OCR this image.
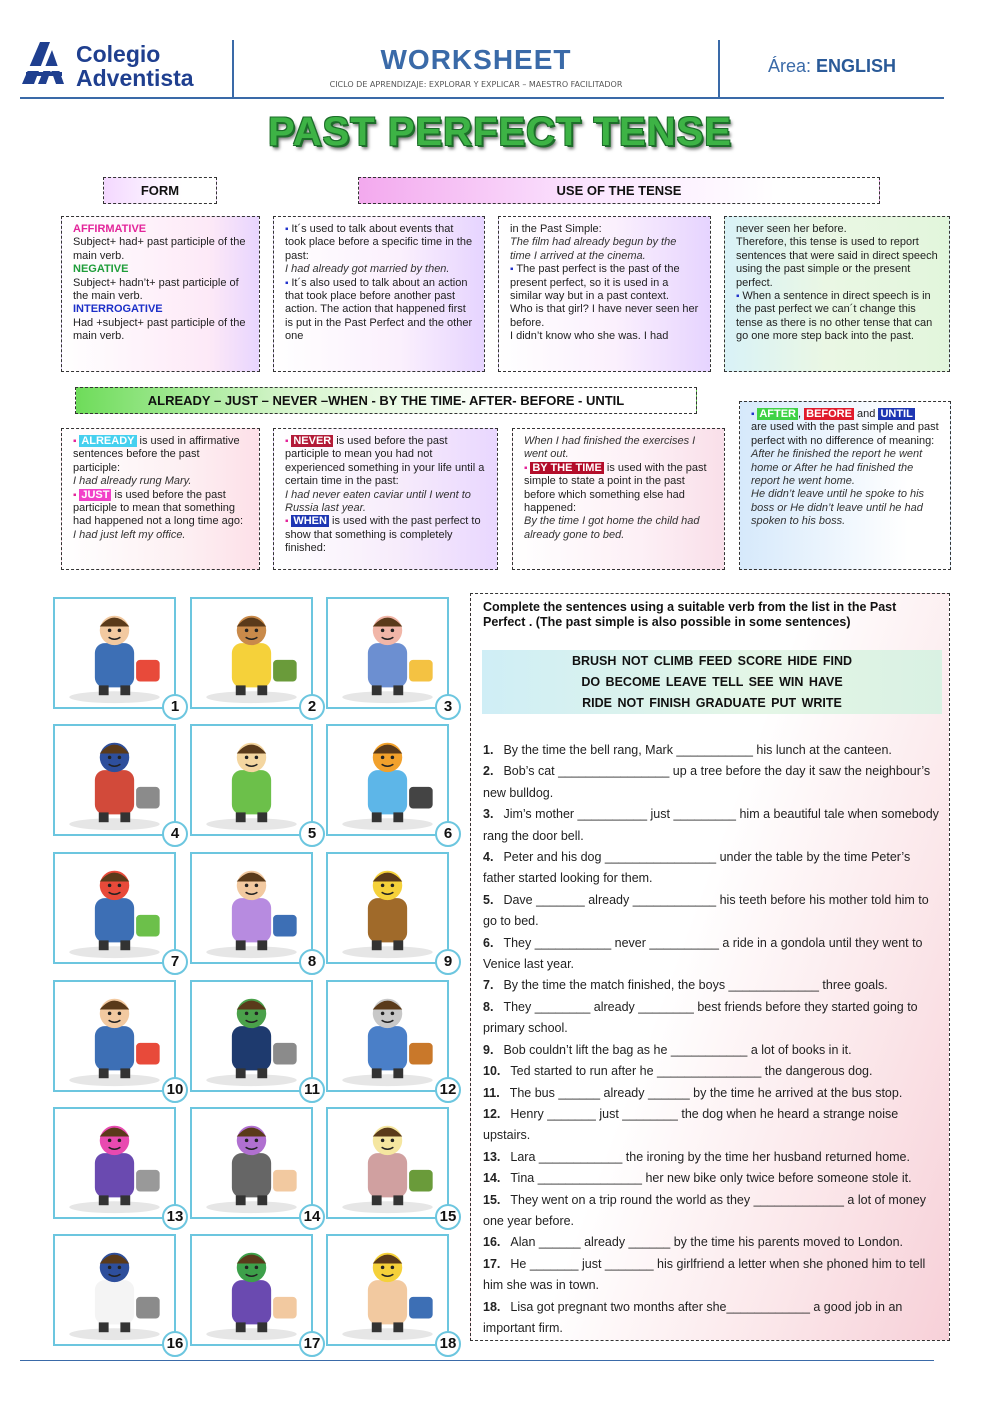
Colegio
Adventista
WORKSHEET
CICLO DE APRENDIZAJE: EXPLORAR Y EXPLICAR – MAESTRO FACILITADOR
Área: ENGLISH
PAST PERFECT TENSE
FORM	USE OF THE TENSE
AFFIRMATIVE
Subject+ had+ past participle of the main verb.
NEGATIVE
Subject+ hadn’t+ past participle of the main verb.
INTERROGATIVE
Had +subject+ past participle of the main verb.
▪ It´s used to talk about events that took place before a specific time in the past:
I had already got married by then.
▪ It´s also used to talk about an action that took place before another past action. The action that happened first is put in the Past Perfect and the other one
in the Past Simple:
The film had already begun by the time I arrived at the cinema.
▪ The past perfect is the past of the present perfect, so it is used in a similar way but in a past context.
Who is that girl? I have never seen her before.
I didn’t know who she was. I had
never seen her before.
Therefore, this tense is used to report sentences that were said in direct speech using the past simple or the present perfect.
▪ When a sentence in direct speech is in the past perfect we can´t change this tense as there is no other tense that can go one more step back into the past.
ALREADY – JUST – NEVER –WHEN - BY THE TIME- AFTER- BEFORE - UNTIL
▪ ALREADY is used in affirmative sentences before the past participle:
I had already rung Mary.
▪ JUST is used before the past participle to mean that something had happened not a long time ago:
I had just left my office.
▪ NEVER is used before the past participle to mean you had not experienced something in your life until a certain time in the past:
I had never eaten caviar until I went to Russia last year.
▪ WHEN is used with the past perfect to show that something is completely finished:
When I had finished the exercises I went out.
▪ BY THE TIME is used with the past simple to state a point in the past before which something else had happened:
By the time I got home the child had already gone to bed.
▪ AFTER , BEFORE and UNTIL
are used with the past simple and past perfect with no difference of meaning:
After he finished the report he went home or After he had finished the report he went home.
He didn’t leave until he spoke to his boss or He didn’t leave until he had spoken to his boss.
1	2	3
4	5	6
7	8	9
10	11	12
13	14	15
16	17	18
Complete the sentences using a suitable verb from the list in the Past Perfect . (The past simple is also possible in some sentences)
BRUSH NOT CLIMB FEED SCORE HIDE FIND
DO BECOME LEAVE TELL SEE WIN HAVE
RIDE NOT FINISH GRADUATE PUT WRITE

1. By the time the bell rang, Mark ___________ his lunch at the canteen.

2. Bob’s cat ________________ up a tree before the day it saw the neighbour’s new bulldog.

3. Jim’s mother __________ just _________ him a beautiful tale when somebody rang the door bell.

4. Peter and his dog ________________ under the table by the time Peter’s father started looking for them.

5. Dave _______ already ____________ his teeth before his mother told him to go to bed.

6. They ___________ never __________ a ride in a gondola until they went to Venice last year.

7. By the time the match finished, the boys _____________ three goals.

8. They ________ already ________ best friends before they started going to primary school.

9. Bob couldn’t lift the bag as he ___________ a lot of books in it.

10. Ted started to run after he _______________ the dangerous dog.

11. The bus ______ already ______ by the time he arrived at the bus stop.

12. Henry _______ just ________ the dog when he heard a strange noise upstairs.

13. Lara ____________ the ironing by the time her husband returned home.

14. Tina _______________ her new bike only twice before someone stole it.

15. They went on a trip round the world as they _____________ a lot of money one year before.

16. Alan ______ already ______ by the time his parents moved to London.

17. He _______ just _______ his girlfriend a letter when she phoned him to tell him she was in town.

18. Lisa got pregnant two months after she____________ a good job in an important firm.
